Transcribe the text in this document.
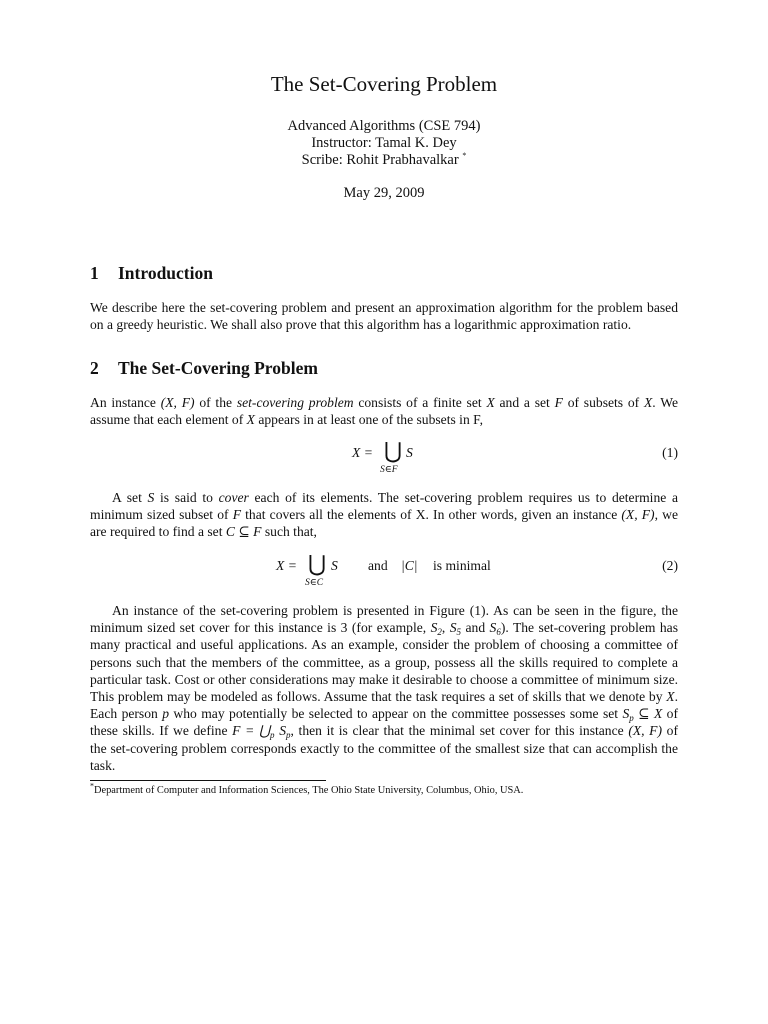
The Set-Covering Problem
Advanced Algorithms (CSE 794)
Instructor: Tamal K. Dey
Scribe: Rohit Prabhavalkar *
May 29, 2009
1 Introduction
We describe here the set-covering problem and present an approximation algorithm for the problem based
on a greedy heuristic. We shall also prove that this algorithm has a logarithmic approximation ratio.
2 The Set-Covering Problem
An instance (X, F) of the set-covering problem consists of a finite set X and a set F of subsets of X. We
assume that each element of X appears in at least one of the subsets in F,
X = ⋃ S
S∈F
(1)
A set S is said to cover each of its elements. The set-covering problem requires us to determine a
minimum sized subset of F that covers all the elements of X. In other words, given an instance (X, F), we
are required to find a set C ⊆ F such that,
X = ⋃ S
S∈C
and |C| is minimal	(2)
An instance of the set-covering problem is presented in Figure (1). As can be seen in the figure, the
minimum sized set cover for this instance is 3 (for example, $S_2$, $S_5$ and $S_6$). The set-covering problem has
many practical and useful applications. As an example, consider the problem of choosing a committee of
persons such that the members of the committee, as a group, possess all the skills required to complete a
particular task. Cost or other considerations may make it desirable to choose a committee of minimum size.
This problem may be modeled as follows. Assume that the task requires a set of skills that we denote by X.
Each person p who may potentially be selected to appear on the committee possesses some set $S_p$ ⊆ X of
these skills. If we define $F = ⋃_p$ $S_p$, then it is clear that the minimal set cover for this instance (X, F) of
the set-covering problem corresponds exactly to the committee of the smallest size that can accomplish the
task.
*Department of Computer and Information Sciences, The Ohio State University, Columbus, Ohio, USA.
